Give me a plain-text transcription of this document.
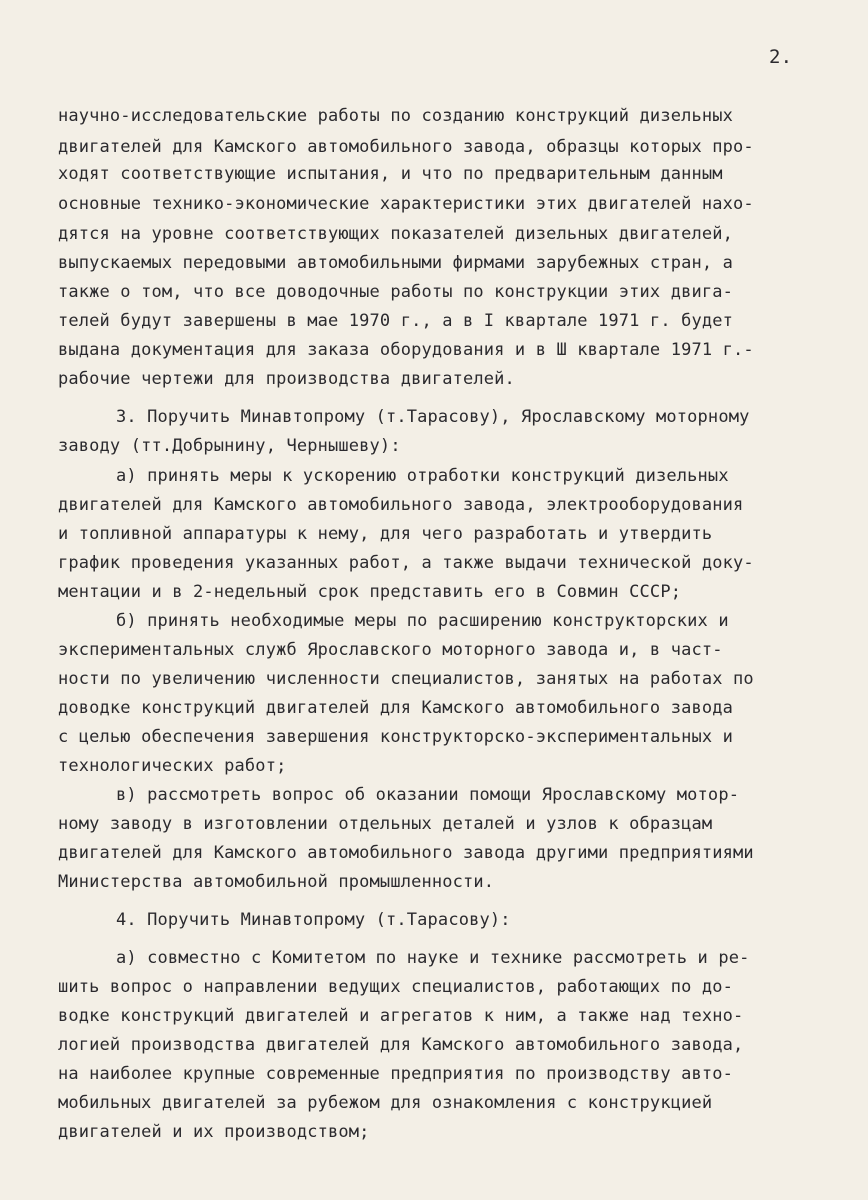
2.
научно-исследовательские работы по созданию конструкций дизельных
двигателей для Камского автомобильного завода, образцы которых про-
ходят соответствующие испытания, и что по предварительным данным
основные технико-экономические характеристики этих двигателей нахо-
дятся на уровне соответствующих показателей дизельных двигателей,
выпускаемых передовыми автомобильными фирмами зарубежных стран, а
также о том, что все доводочные работы по конструкции этих двига-
телей будут завершены в мае 1970 г., а в I квартале 1971 г. будет
выдана документация для заказа оборудования и в Ш квартале 1971 г.-
рабочие чертежи для производства двигателей.
3. Поручить Минавтопрому (т.Тарасову), Ярославскому моторному
заводу (тт.Добрынину, Чернышеву):
а) принять меры к ускорению отработки конструкций дизельных
двигателей для Камского автомобильного завода, электрооборудования
и топливной аппаратуры к нему, для чего разработать и утвердить
график проведения указанных работ, а также выдачи технической доку-
ментации и в 2-недельный срок представить его в Совмин СССР;
б) принять необходимые меры по расширению конструкторских и
экспериментальных служб Ярославского моторного завода и, в част-
ности по увеличению численности специалистов, занятых на работах по
доводке конструкций двигателей для Камского автомобильного завода
с целью обеспечения завершения конструкторско-экспериментальных и
технологических работ;
в) рассмотреть вопрос об оказании помощи Ярославскому мотор-
ному заводу в изготовлении отдельных деталей и узлов к образцам
двигателей для Камского автомобильного завода другими предприятиями
Министерства автомобильной промышленности.
4. Поручить Минавтопрому (т.Тарасову):
а) совместно с Комитетом по науке и технике рассмотреть и ре-
шить вопрос о направлении ведущих специалистов, работающих по до-
водке конструкций двигателей и агрегатов к ним, а также над техно-
логией производства двигателей для Камского автомобильного завода,
на наиболее крупные современные предприятия по производству авто-
мобильных двигателей за рубежом для ознакомления с конструкцией
двигателей и их производством;
